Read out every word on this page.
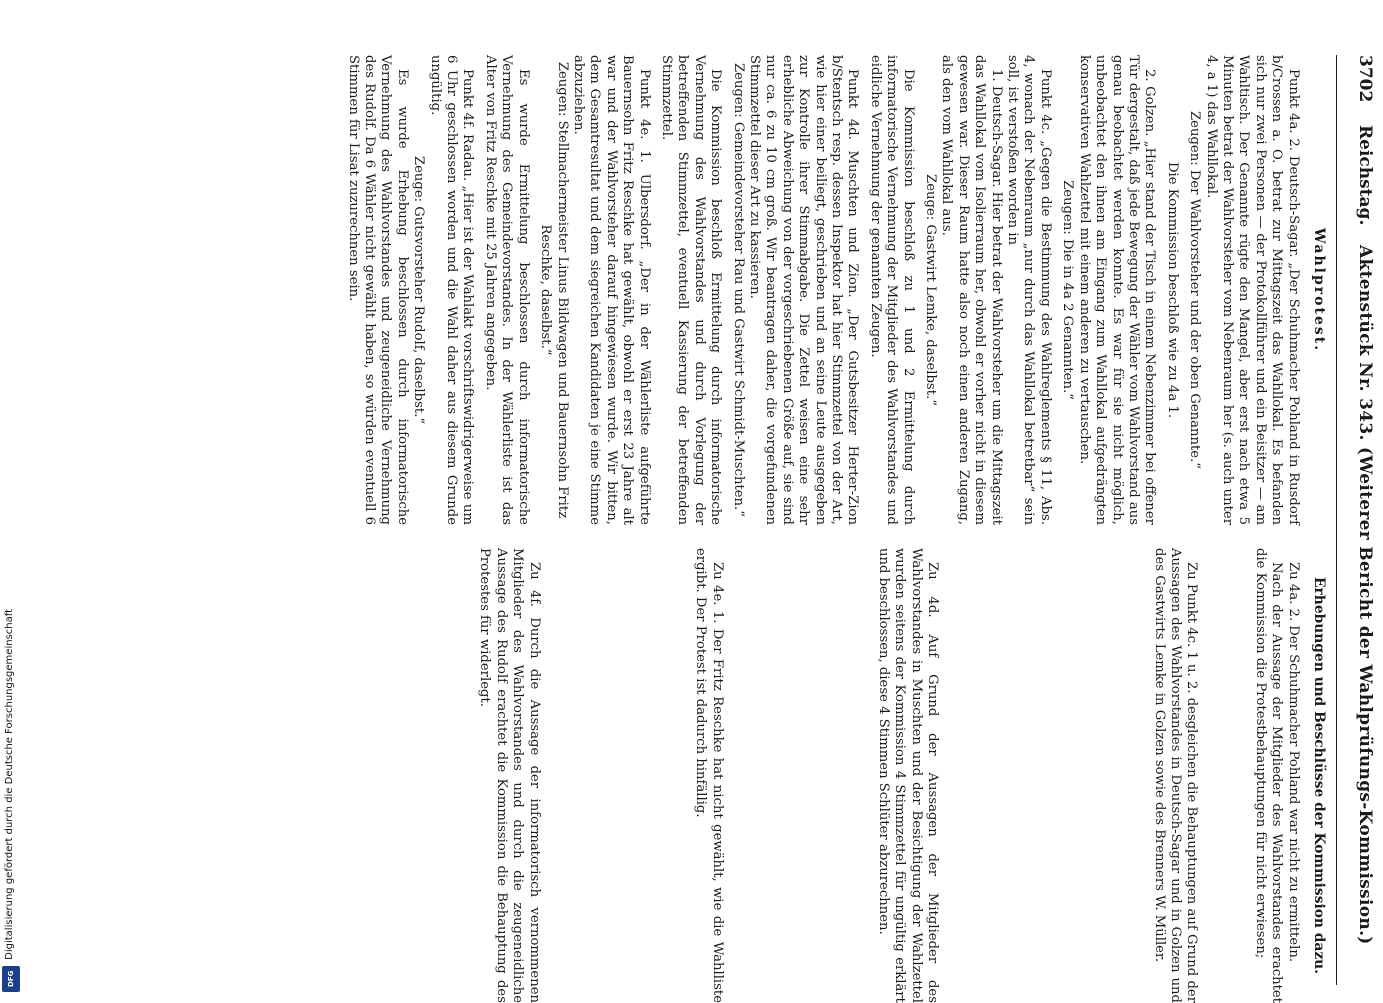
3702
Reichstag.
Aktenstück Nr. 343. (Weiterer Bericht der Wahlprüfungs-Kommission.)
Wahlprotest.

Punkt 4a. 2. Deutsch-Sagar. „Der Schuhmacher Pohland in Rusdorf b/Crossen a. O. betrat zur Mittagszeit das Wahllokal. Es befanden sich nur zwei Personen — der Protokollführer und ein Beisitzer — am Wahltisch. Der Genannte rügte den Mangel, aber erst nach etwa 5 Minuten betrat der Wahlvorsteher vom Nebenraum her (s. auch unter 4, a 1) das Wahllokal.

Zeugen: Der Wahlvorsteher und der oben Genannte.“

Die Kommission beschloß wie zu 4a 1.

2. Golzen. „Hier stand der Tisch in einem Nebenzimmer bei offener Tür dergestalt, daß jede Bewegung der Wähler vom Wahlvorstand aus genau beobachtet werden konnte. Es war für sie nicht möglich, unbeobachtet den ihnen am Eingang zum Wahllokal aufgedrängten konservativen Wahlzettel mit einem anderen zu vertauschen.

Zeugen: Die in 4a 2 Genannten.“

Punkt 4c. „Gegen die Bestimmung des Wahlreglements § 11, Abs. 4, wonach der Nebenraum „nur durch das Wahllokal betretbar“ sein soll, ist verstoßen worden in

1. Deutsch-Sagar. Hier betrat der Wahlvorsteher um die Mittagszeit das Wahllokal vom Isolierraum her, obwohl er vorher nicht in diesem gewesen war. Dieser Raum hatte also noch einen anderen Zugang, als den vom Wahllokal aus.

Zeuge: Gastwirt Lemke, daselbst.“

Die Kommission beschloß zu 1 und 2 Ermittelung durch informatorische Vernehmung der Mitglieder des Wahlvorstandes und eidliche Vernehmung der genannten Zeugen.

Punkt 4d. Muschten und Zion. „Der Gutsbesitzer Herter-Zion b/Stentsch resp. dessen Inspektor hat hier Stimmzettel von der Art, wie hier einer beiliegt, geschrieben und an seine Leute ausgegeben zur Kontrolle ihrer Stimmabgabe. Die Zettel weisen eine sehr erhebliche Abweichung von der vorgeschriebenen Größe auf, sie sind nur ca. 6 zu 10 cm groß. Wir beantragen daher, die vorgefundenen Stimmzettel dieser Art zu kassieren.

Zeugen: Gemeindevorsteher Rau und Gastwirt Schmidt-Muschten.“

Die Kommission beschloß Ermittelung durch informatorische Vernehmung des Wahlvorstandes und durch Vorlegung der betreffenden Stimmzettel, eventuell Kassierung der betreffenden Stimmzettel.

Punkt 4e. 1. Ulbersdorf. „Der in der Wählerliste aufgeführte Bauernsohn Fritz Reschke hat gewählt, obwohl er erst 23 Jahre alt war und der Wahlvorsteher darauf hingewiesen wurde. Wir bitten, dem Gesamtresultat und dem siegreichen Kandidaten je eine Stimme abzuziehen.

Zeugen: Stellmachermeister Linus Bildwagen und Bauernsohn Fritz Reschke, daselbst.“

Es wurde Ermittelung beschlossen durch informatorische Vernehmung des Gemeindevorstandes. In der Wählerliste ist das Alter von Fritz Reschke mit 25 Jahren angegeben.

Punkt 4f. Radau. „Hier ist der Wahlakt vorschriftswidrigerweise um 6 Uhr geschlossen worden und die Wahl daher aus diesem Grunde ungültig.

Zeuge: Gutsvorsteher Rudolf, daselbst.“

Es wurde Erhebung beschlossen durch informatorische Vernehmung des Wahlvorstandes und zeugeneidliche Vernehmung des Rudolf. Da 6 Wähler nicht gewählt haben, so würden eventuell 6 Stimmen für Lisat zuzurechnen sein.

Erhebungen und Beschlüsse der Kommission dazu.

Zu 4a. 2. Der Schuhmacher Pohland war nicht zu ermitteln.

Nach der Aussage der Mitglieder des Wahlvorstandes erachtet die Kommission die Protestbehauptungen für nicht erwiesen;

Zu Punkt 4c. 1 u. 2. desgleichen die Behauptungen auf Grund der Aussagen des Wahlvorstandes in Deutsch-Sagar und in Golzen und des Gastwirts Lemke in Golzen sowie des Brenners W. Müller.

Zu 4d. Auf Grund der Aussagen der Mitglieder des Wahlvorstandes in Muschten und der Besichtigung der Wahlzettel wurden seitens der Kommission 4 Stimmzettel für ungültig erklärt und beschlossen, diese 4 Stimmen Schlüter abzurechnen.

Zu 4e. 1. Der Fritz Reschke hat nicht gewählt, wie die Wahlliste ergibt. Der Protest ist dadurch hinfällig.

Zu 4f. Durch die Aussage der informatorisch vernommenen Mitglieder des Wahlvorstandes und durch die zeugeneidliche Aussage des Rudolf erachtet die Kommission die Behauptung des Protestes für widerlegt.

Digitalisierung gefördert durch die Deutsche Forschungsgemeinschaft
DFG
